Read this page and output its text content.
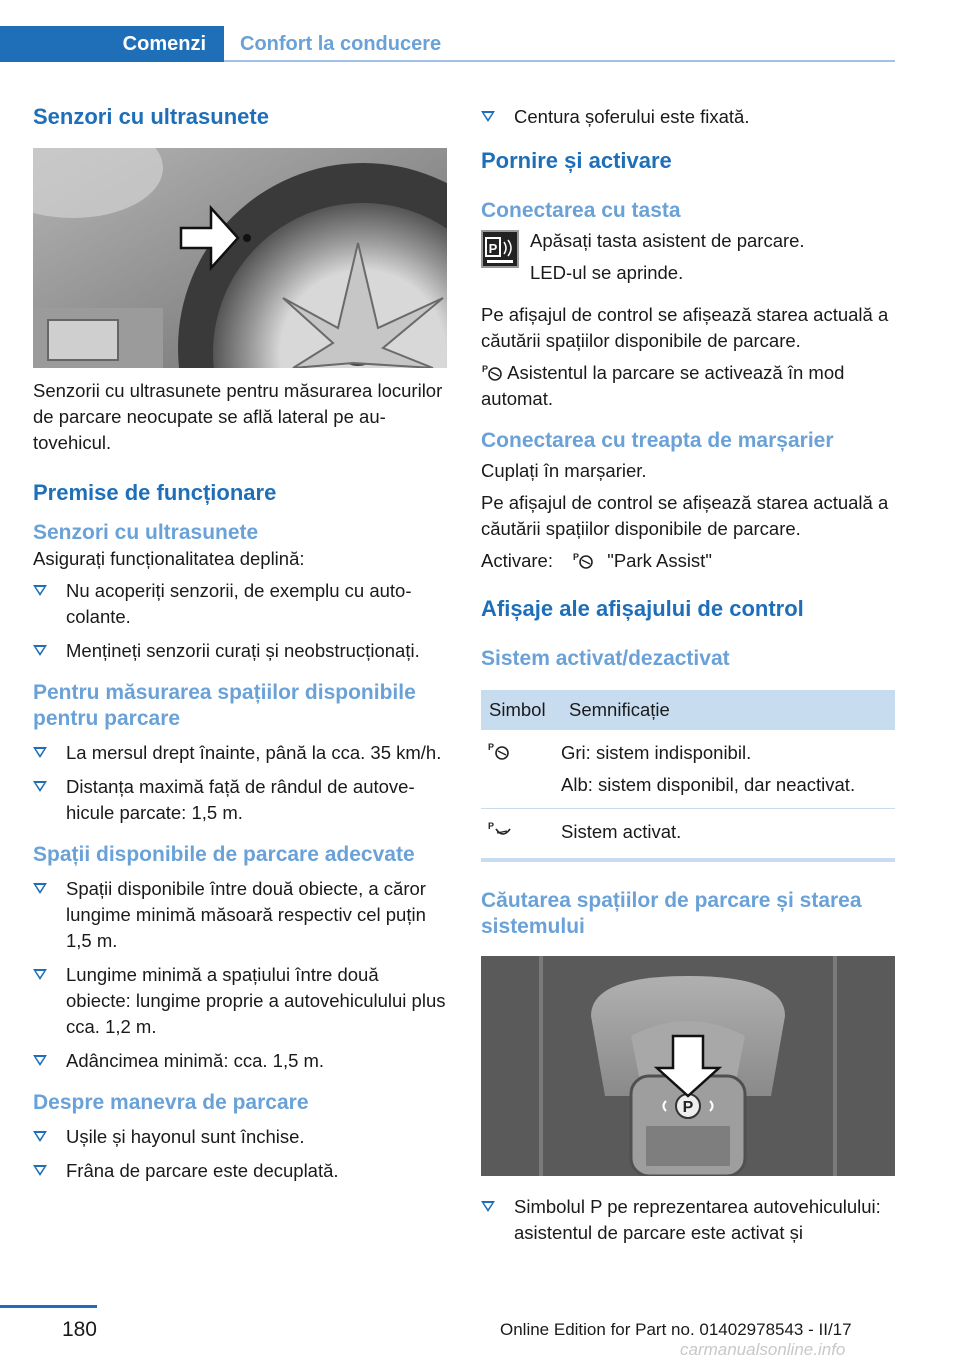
Comenzi	Confort la conducere
Senzori cu ultrasunete
Senzorii cu ultrasunete pentru măsurarea locurilor de parcare neocupate se află lateral pe autovehicul.
Premise de funcționare
Senzori cu ultrasunete
Asigurați funcționalitatea deplină:
Nu acoperiți senzorii, de exemplu cu autocolante.
Mențineți senzorii curați și neobstrucționați.
Pentru măsurarea spațiilor disponibile pentru parcare
La mersul drept înainte, până la cca. 35 km/h.
Distanța maximă față de rândul de autovehicule parcate: 1,5 m.
Spații disponibile de parcare adecvate
Spații disponibile între două obiecte, a căror lungime minimă măsoară respectiv cel puțin 1,5 m.
Lungime minimă a spațiului între două obiecte: lungime proprie a autovehiculului plus cca. 1,2 m.
Adâncimea minimă: cca. 1,5 m.
Despre manevra de parcare
Ușile și hayonul sunt închise.
Frâna de parcare este decuplată.
Centura șoferului este fixată.
Pornire și activare
Conectarea cu tasta
P Apăsați tasta asistent de parcare.
LED-ul se aprinde.
Pe afișajul de control se afișează starea actuală a căutării spațiilor disponibile de parcare.
P Asistentul la parcare se activează în mod automat.
Conectarea cu treapta de marșarier
Cuplați în marșarier.
Pe afișajul de control se afișează starea actuală a căutării spațiilor disponibile de parcare.
Activare: P "Park Assist"
Afișaje ale afișajului de control
Sistem activat/dezactivat
Simbol	Semnificație

P	Gri: sistem indisponibil.
Alb: sistem disponibil, dar neactivat.

P	Sistem activat.
Căutarea spațiilor de parcare și starea sistemului
P
Simbolul P pe reprezentarea autovehiculului: asistentul de parcare este activat și
180	Online Edition for Part no. 01402978543 - II/17
carmanualsonline.info
